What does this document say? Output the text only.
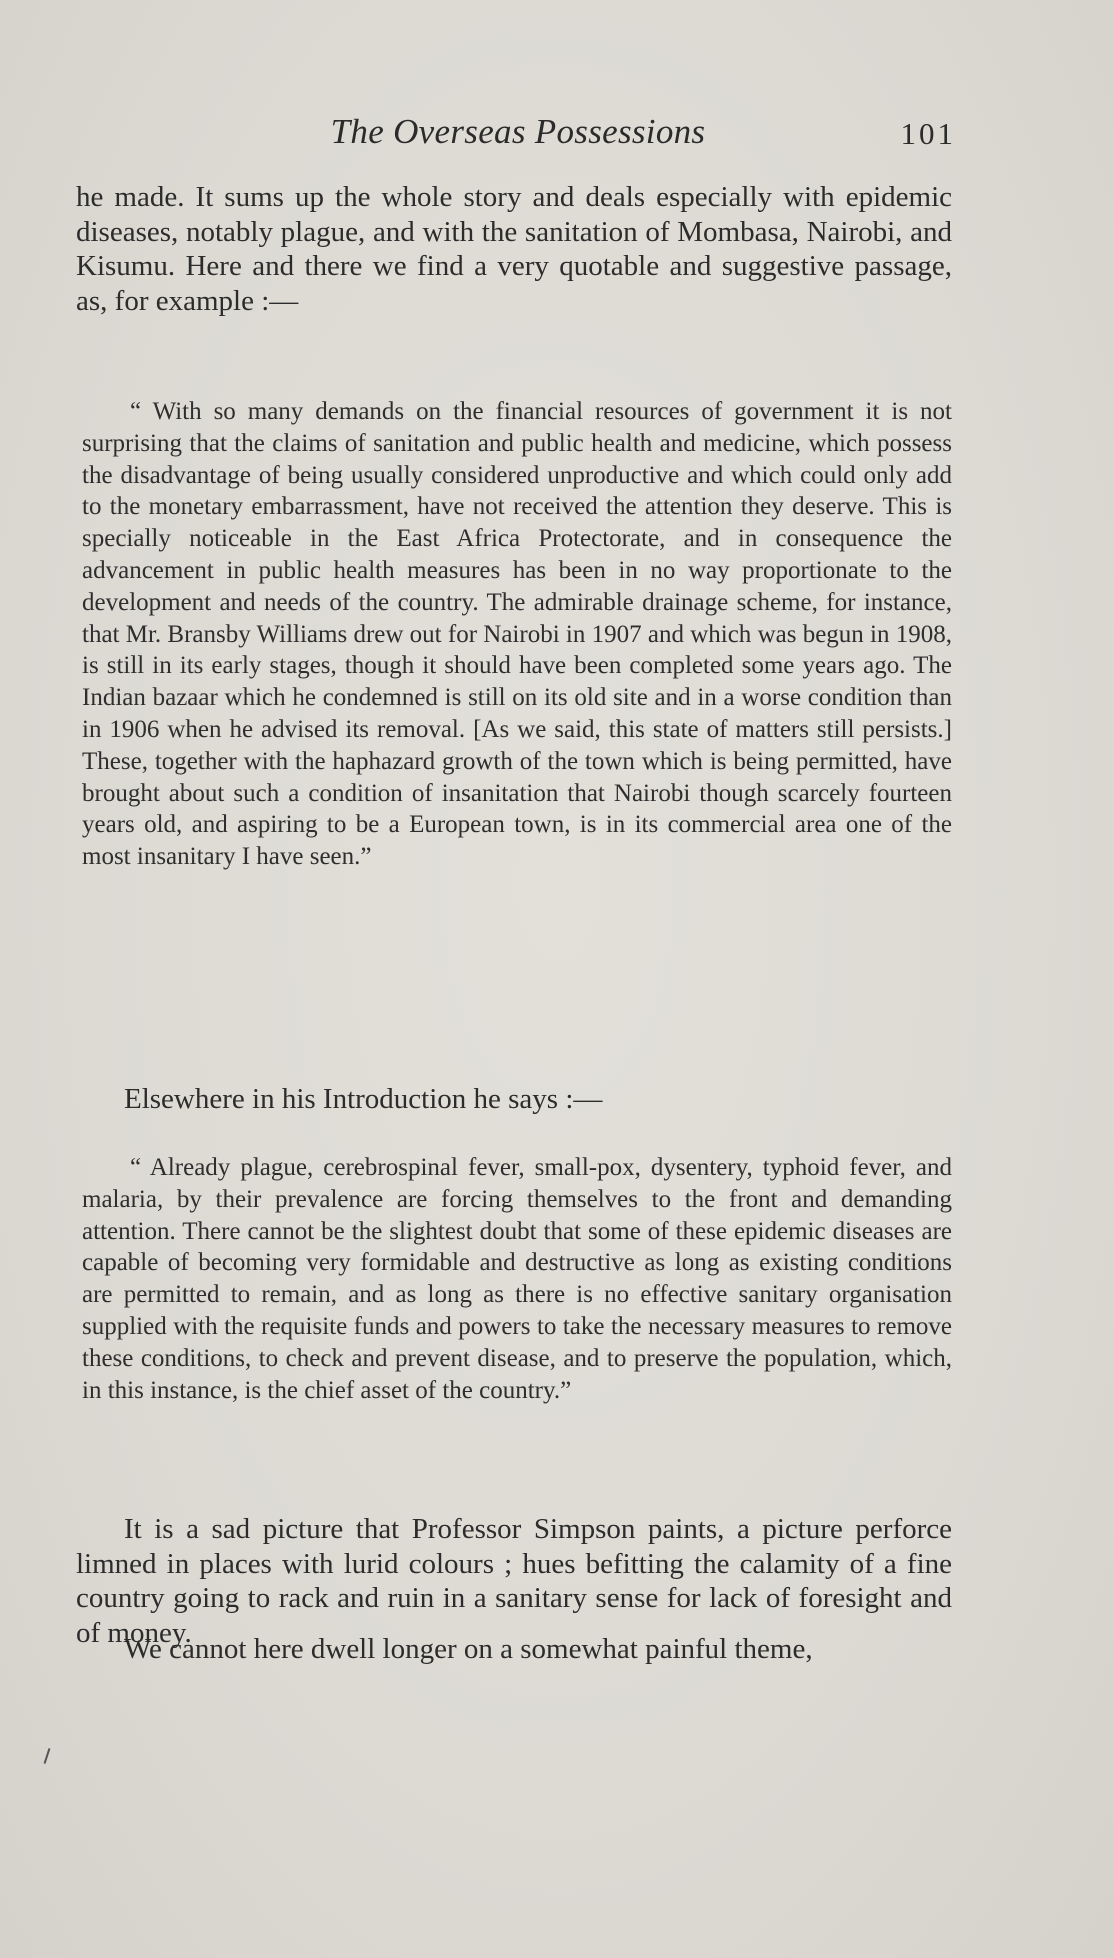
The Overseas Possessions	101

he made. It sums up the whole story and deals especially with epidemic diseases, notably plague, and with the sanitation of Mombasa, Nairobi, and Kisumu. Here and there we find a very quotable and suggestive passage, as, for example :—

“ With so many demands on the financial resources of government it is not surprising that the claims of sanitation and public health and medicine, which possess the disadvantage of being usually considered unproductive and which could only add to the monetary embarrassment, have not received the attention they deserve. This is specially noticeable in the East Africa Protectorate, and in consequence the advancement in public health measures has been in no way proportionate to the development and needs of the country. The admirable drainage scheme, for instance, that Mr. Bransby Williams drew out for Nairobi in 1907 and which was begun in 1908, is still in its early stages, though it should have been completed some years ago. The Indian bazaar which he condemned is still on its old site and in a worse condition than in 1906 when he advised its removal. [As we said, this state of matters still persists.] These, together with the haphazard growth of the town which is being permitted, have brought about such a condition of insanitation that Nairobi though scarcely fourteen years old, and aspiring to be a European town, is in its commercial area one of the most insanitary I have seen.”

Elsewhere in his Introduction he says :—

“ Already plague, cerebrospinal fever, small-pox, dysentery, typhoid fever, and malaria, by their prevalence are forcing themselves to the front and demanding attention. There cannot be the slightest doubt that some of these epidemic diseases are capable of becoming very formidable and destructive as long as existing conditions are permitted to remain, and as long as there is no effective sanitary organisation supplied with the requisite funds and powers to take the necessary measures to remove these conditions, to check and prevent disease, and to preserve the population, which, in this instance, is the chief asset of the country.”

It is a sad picture that Professor Simpson paints, a picture perforce limned in places with lurid colours ; hues befitting the calamity of a fine country going to rack and ruin in a sanitary sense for lack of foresight and of money.

We cannot here dwell longer on a somewhat painful theme,
